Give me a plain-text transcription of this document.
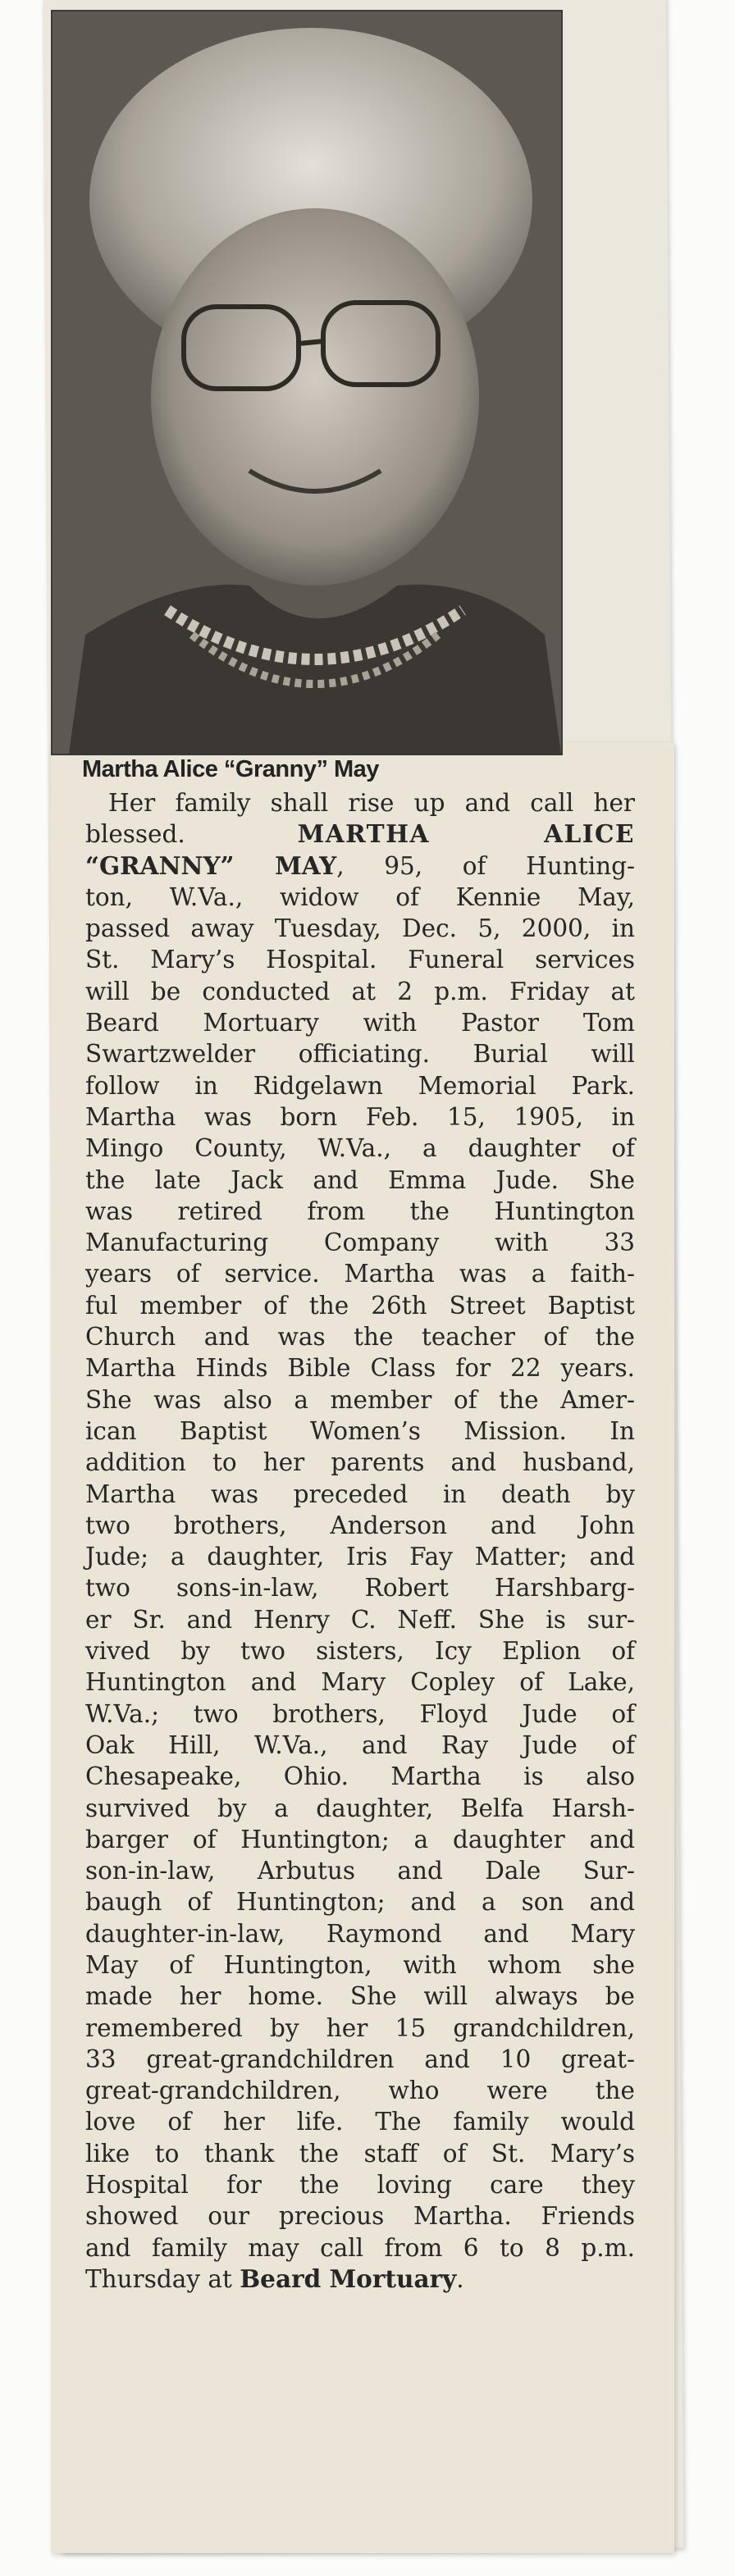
Martha Alice “Granny” May
Her family shall rise up and call her
blessed. MARTHA ALICE
“GRANNY” MAY, 95, of Hunting-
ton, W.Va., widow of Kennie May,
passed away Tuesday, Dec. 5, 2000, in
St. Mary’s Hospital. Funeral services
will be conducted at 2 p.m. Friday at
Beard Mortuary with Pastor Tom
Swartzwelder officiating. Burial will
follow in Ridgelawn Memorial Park.
Martha was born Feb. 15, 1905, in
Mingo County, W.Va., a daughter of
the late Jack and Emma Jude. She
was retired from the Huntington
Manufacturing Company with 33
years of service. Martha was a faith-
ful member of the 26th Street Baptist
Church and was the teacher of the
Martha Hinds Bible Class for 22 years.
She was also a member of the Amer-
ican Baptist Women’s Mission. In
addition to her parents and husband,
Martha was preceded in death by
two brothers, Anderson and John
Jude; a daughter, Iris Fay Matter; and
two sons-in-law, Robert Harshbarg-
er Sr. and Henry C. Neff. She is sur-
vived by two sisters, Icy Eplion of
Huntington and Mary Copley of Lake,
W.Va.; two brothers, Floyd Jude of
Oak Hill, W.Va., and Ray Jude of
Chesapeake, Ohio. Martha is also
survived by a daughter, Belfa Harsh-
barger of Huntington; a daughter and
son-in-law, Arbutus and Dale Sur-
baugh of Huntington; and a son and
daughter-in-law, Raymond and Mary
May of Huntington, with whom she
made her home. She will always be
remembered by her 15 grandchildren,
33 great-grandchildren and 10 great-
great-grandchildren, who were the
love of her life. The family would
like to thank the staff of St. Mary’s
Hospital for the loving care they
showed our precious Martha. Friends
and family may call from 6 to 8 p.m.
Thursday at Beard Mortuary.
